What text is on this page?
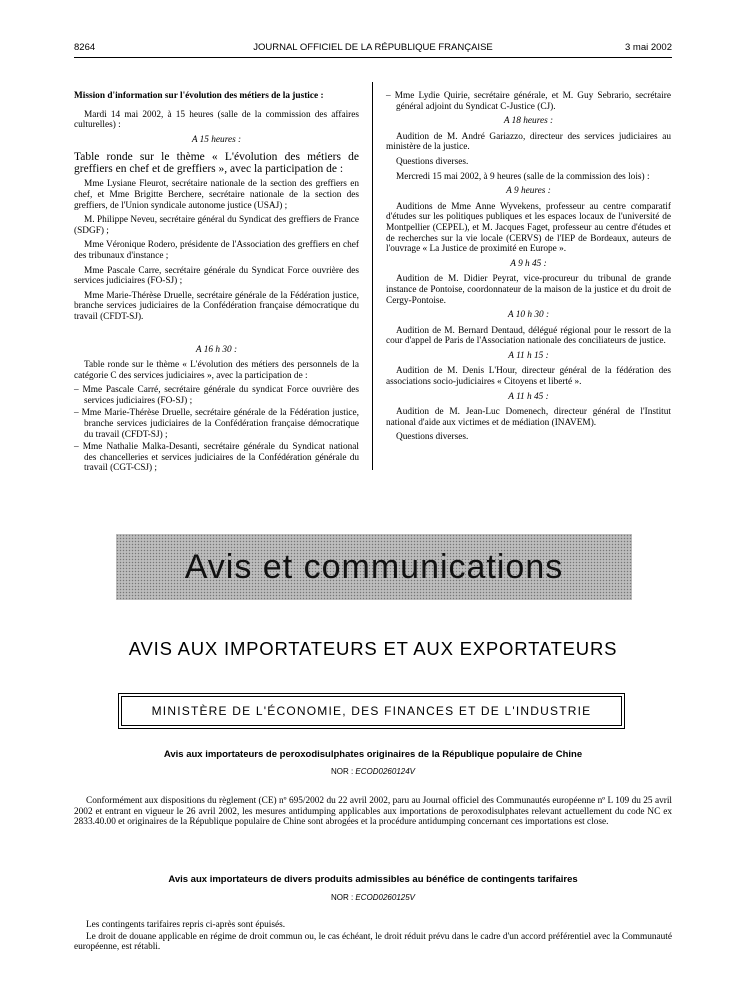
8264	JOURNAL OFFICIEL DE LA RÉPUBLIQUE FRANÇAISE	3 mai 2002

Mission d'information sur l'évolution des métiers de la justice :

Mardi 14 mai 2002, à 15 heures (salle de la commission des affaires culturelles) :

A 15 heures :

Table ronde sur le thème « L'évolution des métiers de greffiers en chef et de greffiers », avec la participation de :

Mme Lysiane Fleurot, secrétaire nationale de la section des greffiers en chef, et Mme Brigitte Berchere, secrétaire nationale de la section des greffiers, de l'Union syndicale autonome justice (USAJ) ;

M. Philippe Neveu, secrétaire général du Syndicat des greffiers de France (SDGF) ;

Mme Véronique Rodero, présidente de l'Association des greffiers en chef des tribunaux d'instance ;

Mme Pascale Carre, secrétaire générale du Syndicat Force ouvrière des services judiciaires (FO-SJ) ;

Mme Marie-Thérèse Druelle, secrétaire générale de la Fédération justice, branche services judiciaires de la Confédération française démocratique du travail (CFDT-SJ).

A 16 h 30 :

Table ronde sur le thème « L'évolution des métiers des personnels de la catégorie C des services judiciaires », avec la participation de :

– Mme Pascale Carré, secrétaire générale du syndicat Force ouvrière des services judiciaires (FO-SJ) ;
– Mme Marie-Thérèse Druelle, secrétaire générale de la Fédération justice, branche services judiciaires de la Confédération française démocratique du travail (CFDT-SJ) ;
– Mme Nathalie Malka-Desanti, secrétaire générale du Syndicat national des chancelleries et services judiciaires de la Confédération générale du travail (CGT-CSJ) ;
– Mme Lydie Quirie, secrétaire générale, et M. Guy Sebrario, secrétaire général adjoint du Syndicat C-Justice (CJ).

A 18 heures :

Audition de M. André Gariazzo, directeur des services judiciaires au ministère de la justice.

Questions diverses.

Mercredi 15 mai 2002, à 9 heures (salle de la commission des lois) :

A 9 heures :

Auditions de Mme Anne Wyvekens, professeur au centre comparatif d'études sur les politiques publiques et les espaces locaux de l'université de Montpellier (CEPEL), et M. Jacques Faget, professeur au centre d'études et de recherches sur la vie locale (CERVS) de l'IEP de Bordeaux, auteurs de l'ouvrage « La Justice de proximité en Europe ».

A 9 h 45 :

Audition de M. Didier Peyrat, vice-procureur du tribunal de grande instance de Pontoise, coordonnateur de la maison de la justice et du droit de Cergy-Pontoise.

A 10 h 30 :

Audition de M. Bernard Dentaud, délégué régional pour le ressort de la cour d'appel de Paris de l'Association nationale des conciliateurs de justice.

A 11 h 15 :

Audition de M. Denis L'Hour, directeur général de la fédération des associations socio-judiciaires « Citoyens et liberté ».

A 11 h 45 :

Audition de M. Jean-Luc Domenech, directeur général de l'Institut national d'aide aux victimes et de médiation (INAVEM).

Questions diverses.

Avis et communications
AVIS AUX IMPORTATEURS ET AUX EXPORTATEURS
MINISTÈRE DE L'ÉCONOMIE, DES FINANCES ET DE L'INDUSTRIE
Avis aux importateurs de peroxodisulphates originaires de la République populaire de Chine
NOR : ECOD0260124V

Conformément aux dispositions du règlement (CE) nº 695/2002 du 22 avril 2002, paru au Journal officiel des Communautés européenne nº L 109 du 25 avril 2002 et entrant en vigueur le 26 avril 2002, les mesures antidumping applicables aux importations de peroxodisulphates relevant actuellement du code NC ex 2833.40.00 et originaires de la République populaire de Chine sont abrogées et la procédure antidumping concernant ces importations est close.

Avis aux importateurs de divers produits admissibles au bénéfice de contingents tarifaires
NOR : ECOD0260125V

Les contingents tarifaires repris ci-après sont épuisés.

Le droit de douane applicable en régime de droit commun ou, le cas échéant, le droit réduit prévu dans le cadre d'un accord préférentiel avec la Communauté européenne, est rétabli.
